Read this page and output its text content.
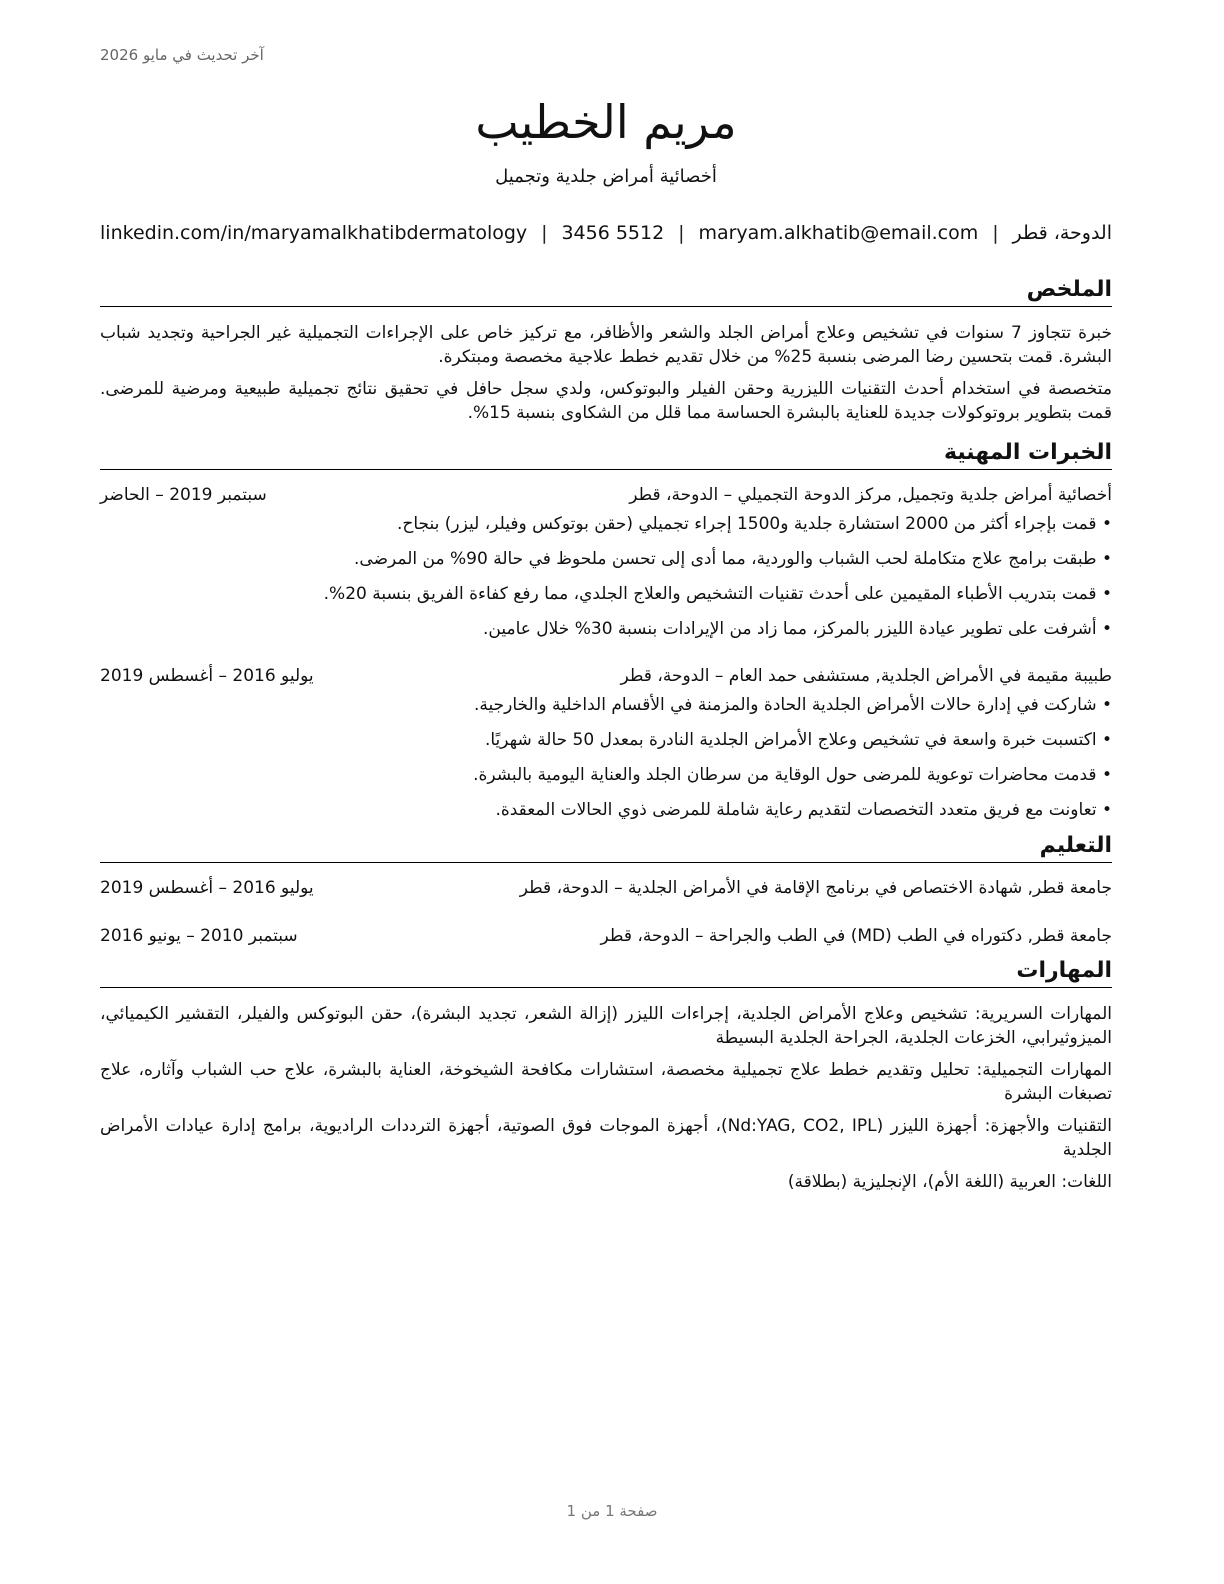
آخر تحديث في مايو 2026
مريم الخطيب
أخصائية أمراض جلدية وتجميل
الدوحة، قطر
|
maryam.alkhatib@email.com
|
3456 5512
|
linkedin.com/in/maryamalkhatibdermatology
الملخص

خبرة تتجاوز 7 سنوات في تشخيص وعلاج أمراض الجلد والشعر والأظافر، مع تركيز خاص على الإجراءات التجميلية غير الجراحية وتجديد شباب البشرة. قمت بتحسين رضا المرضى بنسبة 25% من خلال تقديم خطط علاجية مخصصة ومبتكرة.

متخصصة في استخدام أحدث التقنيات الليزرية وحقن الفيلر والبوتوكس، ولدي سجل حافل في تحقيق نتائج تجميلية طبيعية ومرضية للمرضى. قمت بتطوير بروتوكولات جديدة للعناية بالبشرة الحساسة مما قلل من الشكاوى بنسبة 15%.

الخبرات المهنية
أخصائية أمراض جلدية وتجميل, مركز الدوحة التجميلي – الدوحة، قطر
سبتمبر 2019 – الحاضر
• قمت بإجراء أكثر من 2000 استشارة جلدية و1500 إجراء تجميلي (حقن بوتوكس وفيلر، ليزر) بنجاح.
• طبقت برامج علاج متكاملة لحب الشباب والوردية، مما أدى إلى تحسن ملحوظ في حالة 90% من المرضى.
• قمت بتدريب الأطباء المقيمين على أحدث تقنيات التشخيص والعلاج الجلدي، مما رفع كفاءة الفريق بنسبة 20%.
• أشرفت على تطوير عيادة الليزر بالمركز، مما زاد من الإيرادات بنسبة 30% خلال عامين.
طبيبة مقيمة في الأمراض الجلدية, مستشفى حمد العام – الدوحة، قطر
يوليو 2016 – أغسطس 2019
• شاركت في إدارة حالات الأمراض الجلدية الحادة والمزمنة في الأقسام الداخلية والخارجية.
• اكتسبت خبرة واسعة في تشخيص وعلاج الأمراض الجلدية النادرة بمعدل 50 حالة شهريًا.
• قدمت محاضرات توعوية للمرضى حول الوقاية من سرطان الجلد والعناية اليومية بالبشرة.
• تعاونت مع فريق متعدد التخصصات لتقديم رعاية شاملة للمرضى ذوي الحالات المعقدة.
التعليم
جامعة قطر, شهادة الاختصاص في برنامج الإقامة في الأمراض الجلدية – الدوحة، قطر
يوليو 2016 – أغسطس 2019
جامعة قطر, دكتوراه في الطب (MD) في الطب والجراحة – الدوحة، قطر
سبتمبر 2010 – يونيو 2016
المهارات

المهارات السريرية: تشخيص وعلاج الأمراض الجلدية، إجراءات الليزر (إزالة الشعر، تجديد البشرة)، حقن البوتوكس والفيلر، التقشير الكيميائي، الميزوثيرابي، الخزعات الجلدية، الجراحة الجلدية البسيطة

المهارات التجميلية: تحليل وتقديم خطط علاج تجميلية مخصصة، استشارات مكافحة الشيخوخة، العناية بالبشرة، علاج حب الشباب وآثاره، علاج تصبغات البشرة

التقنيات والأجهزة: أجهزة الليزر (Nd:YAG, CO2, IPL)، أجهزة الموجات فوق الصوتية، أجهزة الترددات الراديوية، برامج إدارة عيادات الأمراض الجلدية

اللغات: العربية (اللغة الأم)، الإنجليزية (بطلاقة)

صفحة 1 من 1
